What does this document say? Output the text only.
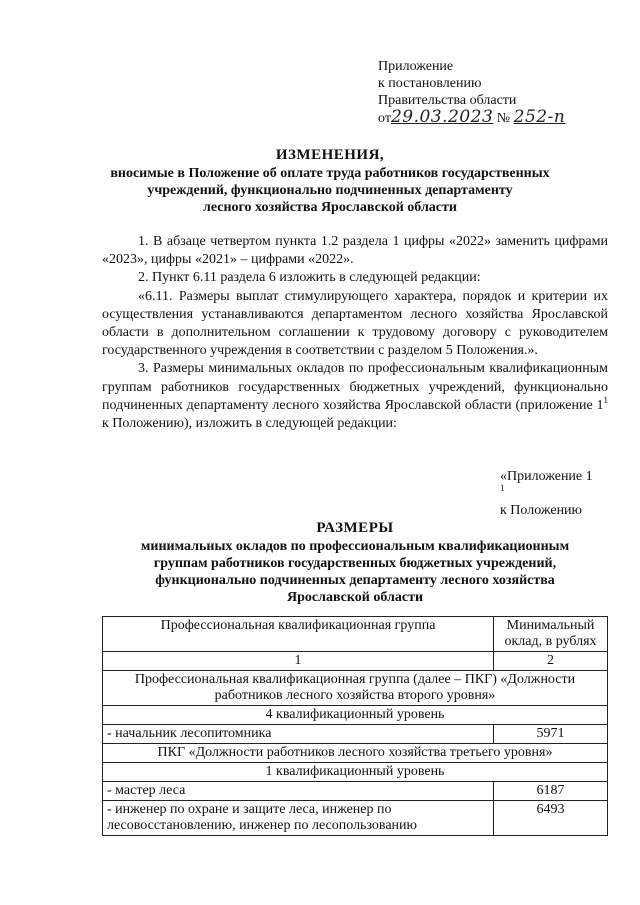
Приложение
к постановлению
Правительства области
от29.03.2023 № 252-п
ИЗМЕНЕНИЯ,
вносимые в Положение об оплате труда работников государственных
учреждений, функционально подчиненных департаменту
лесного хозяйства Ярославской области

1. В абзаце четвертом пункта 1.2 раздела 1 цифры «2022» заменить цифрами «2023», цифры «2021» – цифрами «2022».

2. Пункт 6.11 раздела 6 изложить в следующей редакции:

«6.11. Размеры выплат стимулирующего характера, порядок и критерии их осуществления устанавливаются департаментом лесного хозяйства Ярославской области в дополнительном соглашении к трудовому договору с руководителем государственного учреждения в соответствии с разделом 5 Положения.».

3. Размеры минимальных окладов по профессиональным квалификационным группам работников государственных бюджетных учреждений, функционально подчиненных департаменту лесного хозяйства Ярославской области (приложение $1^1$ к Положению), изложить в следующей редакции:

«Приложение 1
$^1$
к Положению
РАЗМЕРЫ
минимальных окладов по профессиональным квалификационным
группам работников государственных бюджетных учреждений,
функционально подчиненных департаменту лесного хозяйства
Ярославской области
Профессиональная квалификационная группа	Минимальный оклад, в рублях
1	2
Профессиональная квалификационная группа (далее – ПКГ) «Должности работников лесного хозяйства второго уровня»	
4 квалификационный уровень	
- начальник лесопитомника	5971
ПКГ «Должности работников лесного хозяйства третьего уровня»	
1 квалификационный уровень	
- мастер леса	6187
- инженер по охране и защите леса, инженер по лесовосстановлению, инженер по лесопользованию	6493
